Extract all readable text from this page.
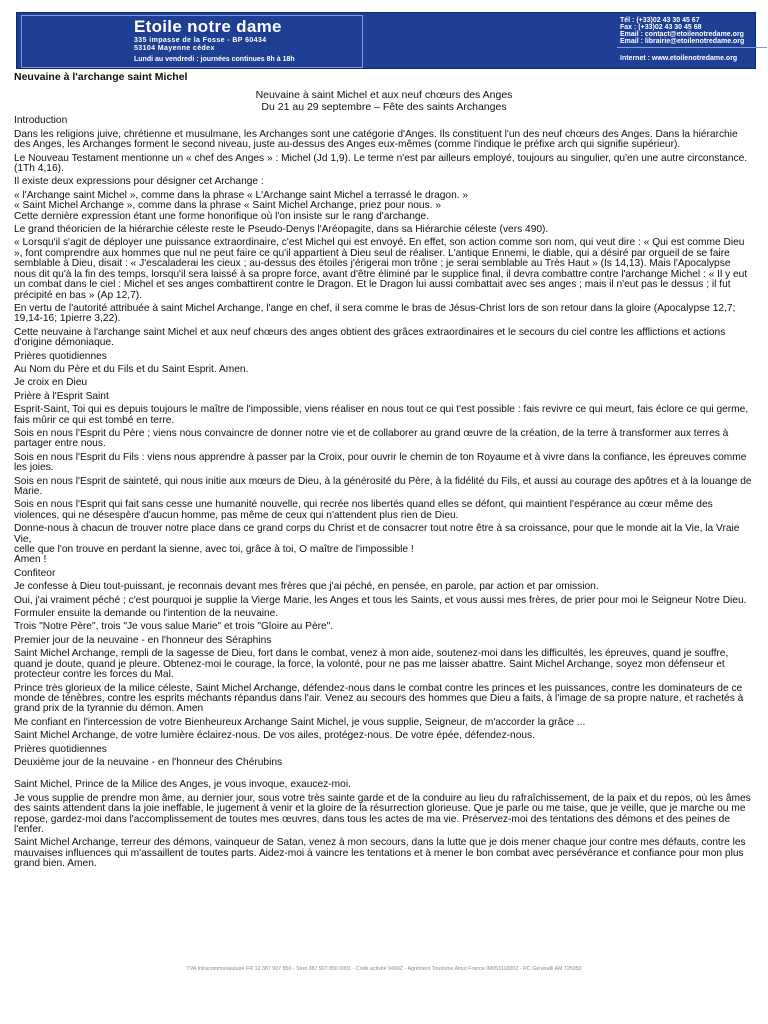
Etoile notre dame
335 impasse de la Fosse - BP 60434
53104 Mayenne cédex
Lundi au vendredi : journées continues 8h à 18h
Tél : (+33)02 43 30 45 67
Fax : (+33)02 43 30 45 68
Email : contact@etoilenotredame.org
Email : librairie@etoilenotredame.org
Internet : www.etoilenotredame.org
Neuvaine à l'archange saint Michel
Neuvaine à saint Michel et aux neuf chœurs des Anges
Du 21 au 29 septembre – Fête des saints Archanges
Introduction
Dans les religions juive, chrétienne et musulmane, les Archanges sont une catégorie d'Anges. Ils constituent l'un des neuf chœurs des Anges. Dans la hiérarchie des Anges, les Archanges forment le second niveau, juste au-dessus des Anges eux-mêmes (comme l'indique le préfixe arch qui signifie supérieur).
Le Nouveau Testament mentionne un « chef des Anges » : Michel (Jd 1,9). Le terme n'est par ailleurs employé, toujours au singulier, qu'en une autre circonstance. (1Th 4,16).
Il existe deux expressions pour désigner cet Archange :
« l'Archange saint Michel », comme dans la phrase « L'Archange saint Michel a terrassé le dragon. »
« Saint Michel Archange », comme dans la phrase « Saint Michel Archange, priez pour nous. »
Cette dernière expression étant une forme honorifique où l'on insiste sur le rang d'archange.
Le grand théoricien de la hiérarchie céleste reste le Pseudo-Denys l'Aréopagite, dans sa Hiérarchie céleste (vers 490).
« Lorsqu'il s'agit de déployer une puissance extraordinaire, c'est Michel qui est envoyé. En effet, son action comme son nom, qui veut dire : « Qui est comme Dieu », font comprendre aux hommes que nul ne peut faire ce qu'il appartient à Dieu seul de réaliser. L'antique Ennemi, le diable, qui a désiré par orgueil de se faire semblable à Dieu, disait : « J'escaladerai les cieux ; au-dessus des étoiles j'érigerai mon trône ; je serai semblable au Très Haut » (Is 14,13). Mais l'Apocalypse nous dit qu'à la fin des temps, lorsqu'il sera laissé à sa propre force, avant d'être éliminé par le supplice final, il devra combattre contre l'archange Michel : « Il y eut un combat dans le ciel : Michel et ses anges combattirent contre le Dragon. Et le Dragon lui aussi combattait avec ses anges ; mais il n'eut pas le dessus ; il fut précipité en bas » (Ap 12,7).
En vertu de l'autorité attribuée à saint Michel Archange, l'ange en chef, il sera comme le bras de Jésus-Christ lors de son retour dans la gloire (Apocalypse 12,7; 19,14-16; 1pierre 3,22).
Cette neuvaine à l'archange saint Michel et aux neuf chœurs des anges obtient des grâces extraordinaires et le secours du ciel contre les afflictions et actions d'origine démoniaque.
Prières quotidiennes
Au Nom du Père et du Fils et du Saint Esprit. Amen.
Je croix en Dieu
Prière à l'Esprit Saint
Esprit-Saint, Toi qui es depuis toujours le maître de l'impossible, viens réaliser en nous tout ce qui t'est possible : fais revivre ce qui meurt, fais éclore ce qui germe, fais mûrir ce qui est tombé en terre.
Sois en nous l'Esprit du Père ; viens nous convaincre de donner notre vie et de collaborer au grand œuvre de la création, de la terre à transformer aux terres à partager entre nous.
Sois en nous l'Esprit du Fils : viens nous apprendre à passer par la Croix, pour ouvrir le chemin de ton Royaume et à vivre dans la confiance, les épreuves comme les joies.
Sois en nous l'Esprit de sainteté, qui nous initie aux mœurs de Dieu, à la générosité du Père, à la fidélité du Fils, et aussi au courage des apôtres et à la louange de Marie.
Sois en nous l'Esprit qui fait sans cesse une humanité nouvelle, qui recrée nos libertés quand elles se défont, qui maintient l'espérance au cœur même des violences, qui ne désespère d'aucun homme, pas même de ceux qui n'attendent plus rien de Dieu.
Donne-nous à chacun de trouver notre place dans ce grand corps du Christ et de consacrer tout notre être à sa croissance, pour que le monde ait la Vie, la Vraie Vie,
celle que l'on trouve en perdant la sienne, avec toi, grâce à toi, O maître de l'impossible !
Amen !
Confiteor
Je confesse à Dieu tout-puissant, je reconnais devant mes frères que j'ai péché, en pensée, en parole, par action et par omission.
Oui, j'ai vraiment péché ; c'est pourquoi je supplie la Vierge Marie, les Anges et tous les Saints, et vous aussi mes frères, de prier pour moi le Seigneur Notre Dieu.
Formuler ensuite la demande ou l'intention de la neuvaine.
Trois "Notre Père", trois "Je vous salue Marie" et trois "Gloire au Père".
Premier jour de la neuvaine - en l'honneur des Séraphins
Saint Michel Archange, rempli de la sagesse de Dieu, fort dans le combat, venez à mon aide, soutenez-moi dans les difficultés, les épreuves, quand je souffre, quand je doute, quand je pleure. Obtenez-moi le courage, la force, la volonté, pour ne pas me laisser abattre. Saint Michel Archange, soyez mon défenseur et protecteur contre les forces du Mal.
Prince très glorieux de la milice céleste, Saint Michel Archange, défendez-nous dans le combat contre les princes et les puissances, contre les dominateurs de ce monde de ténèbres, contre les esprits méchants répandus dans l'air. Venez au secours des hommes que Dieu a faits, à l'image de sa propre nature, et rachetés à grand prix de la tyrannie du démon. Amen
Me confiant en l'intercession de votre Bienheureux Archange Saint Michel, je vous supplie, Seigneur, de m'accorder la grâce ...
Saint Michel Archange, de votre lumière éclairez-nous. De vos ailes, protégez-nous. De votre épée, défendez-nous.
Prières quotidiennes
Deuxième jour de la neuvaine - en l'honneur des Chérubins
Saint Michel, Prince de la Milice des Anges, je vous invoque, exaucez-moi.
Je vous supplie de prendre mon âme, au dernier jour, sous votre très sainte garde et de la conduire au lieu du rafraîchissement, de la paix et du repos, où les âmes des saints attendent dans la joie ineffable, le jugement à venir et la gloire de la résurrection glorieuse. Que je parle ou me taise, que je veille, que je marche ou me repose, gardez-moi dans l'accomplissement de toutes mes œuvres, dans tous les actes de ma vie. Préservez-moi des tentations des démons et des peines de l'enfer.
Saint Michel Archange, terreur des démons, vainqueur de Satan, venez à mon secours, dans la lutte que je dois mener chaque jour contre mes défauts, contre les mauvaises influences qui m'assaillent de toutes parts. Aidez-moi à vaincre les tentations et à mener le bon combat avec persévérance et confiance pour mon plus grand bien. Amen.
TVA Intracommunautaire FR 12 387 907 850 - Siret 387 907 850 0001 - Code activité 9499Z - Agrément Tourisme Atout France IM053110002 - RC Généralli AM 725950
